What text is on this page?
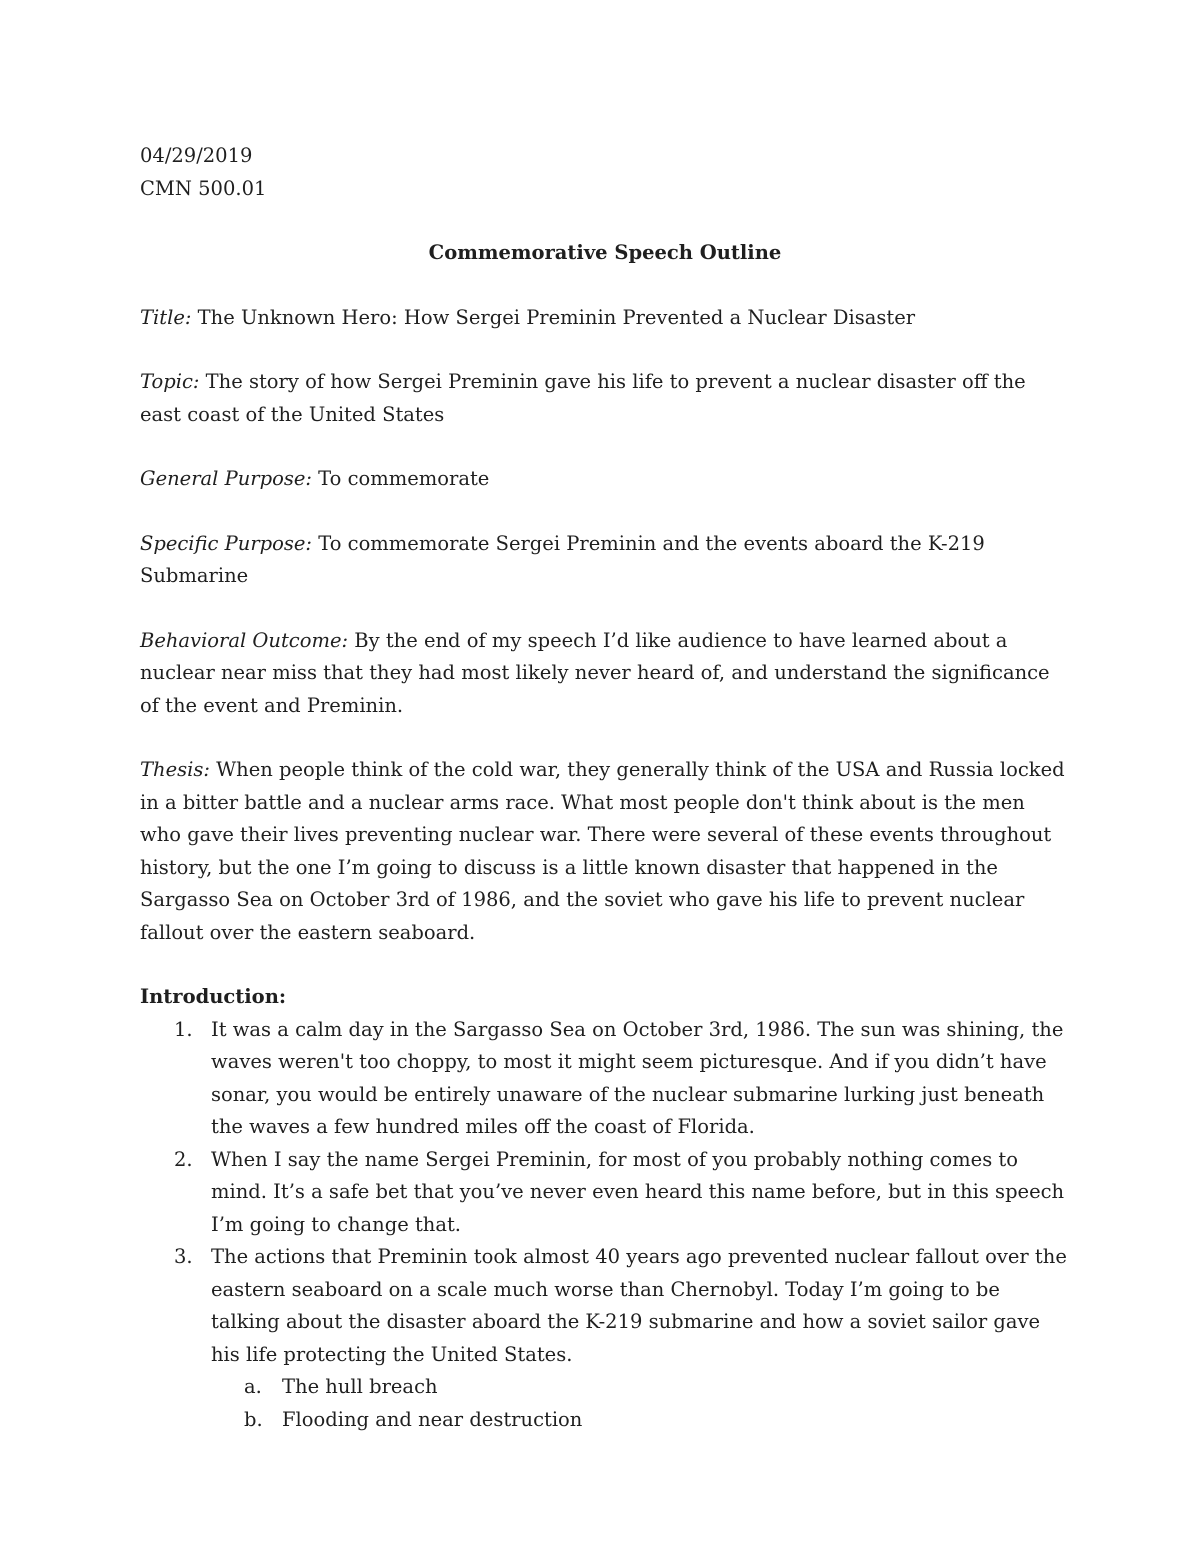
04/29/2019

CMN 500.01

Commemorative Speech Outline

Title: The Unknown Hero: How Sergei Preminin Prevented a Nuclear Disaster

Topic: The story of how Sergei Preminin gave his life to prevent a nuclear disaster off the east coast of the United States

General Purpose: To commemorate

Specific Purpose: To commemorate Sergei Preminin and the events aboard the K-219 Submarine

Behavioral Outcome: By the end of my speech I’d like audience to have learned about a nuclear near miss that they had most likely never heard of, and understand the significance of the event and Preminin.

Thesis: When people think of the cold war, they generally think of the USA and Russia locked in a bitter battle and a nuclear arms race. What most people don't think about is the men who gave their lives preventing nuclear war. There were several of these events throughout history, but the one I’m going to discuss is a little known disaster that happened in the Sargasso Sea on October 3rd of 1986, and the soviet who gave his life to prevent nuclear fallout over the eastern seaboard.

Introduction:

1. It was a calm day in the Sargasso Sea on October 3rd, 1986. The sun was shining, the waves weren't too choppy, to most it might seem picturesque. And if you didn’t have sonar, you would be entirely unaware of the nuclear submarine lurking just beneath the waves a few hundred miles off the coast of Florida.
2. When I say the name Sergei Preminin, for most of you probably nothing comes to mind. It’s a safe bet that you’ve never even heard this name before, but in this speech I’m going to change that.
3. The actions that Preminin took almost 40 years ago prevented nuclear fallout over the eastern seaboard on a scale much worse than Chernobyl. Today I’m going to be talking about the disaster aboard the K-219 submarine and how a soviet sailor gave his life protecting the United States.
a. The hull breach
b. Flooding and near destruction
